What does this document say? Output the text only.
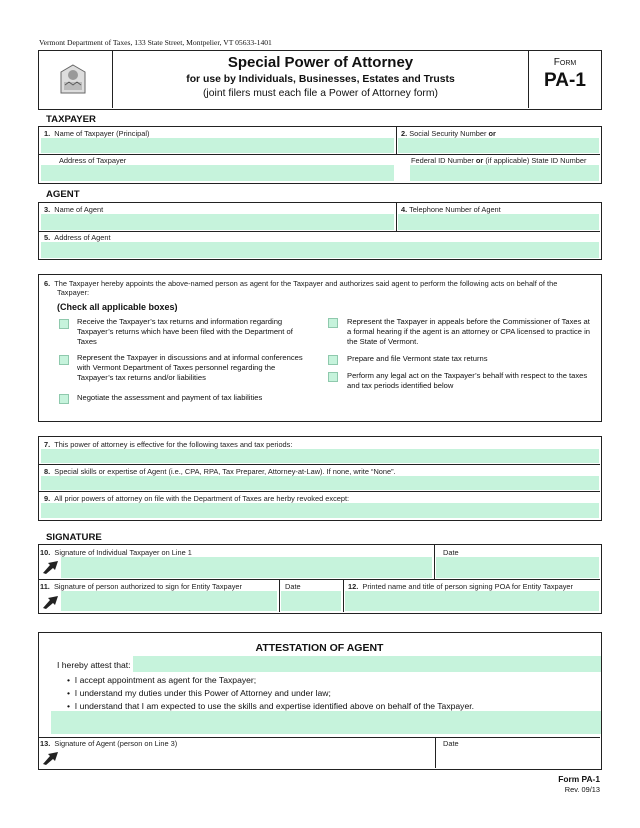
Vermont Department of Taxes, 133 State Street, Montpelier, VT 05633-1401
Special Power of Attorney
for use by Individuals, Businesses, Estates and Trusts
(joint filers must each file a Power of Attorney form)
Form
PA-1
TAXPAYER
1. Name of Taxpayer (Principal)	2. Social Security Number or
Address of Taxpayer	Federal ID Number or (if applicable) State ID Number
AGENT
3. Name of Agent	4. Telephone Number of Agent
5. Address of Agent
6. The Taxpayer hereby appoints the above-named person as agent for the Taxpayer and authorizes said agent to perform the following acts on behalf of the
Taxpayer:
(Check all applicable boxes)
Receive the Taxpayer’s tax returns and information regarding
Taxpayer’s returns which have been filed with the Department of
Taxes
Represent the Taxpayer in discussions and at informal conferences
with Vermont Department of Taxes personnel regarding the
Taxpayer’s tax returns and/or liabilities
Negotiate the assessment and payment of tax liabilities
Represent the Taxpayer in appeals before the Commissioner of Taxes at
a formal hearing if the agent is an attorney or CPA licensed to practice in
the State of Vermont.
Prepare and file Vermont state tax returns
Perform any legal act on the Taxpayer’s behalf with respect to the taxes
and tax periods identified below
7. This power of attorney is effective for the following taxes and tax periods:
8. Special skills or expertise of Agent (i.e., CPA, RPA, Tax Preparer, Attorney-at-Law). If none, write “None”.
9. All prior powers of attorney on file with the Department of Taxes are herby revoked except:
SIGNATURE
10. Signature of Individual Taxpayer on Line 1	Date
11. Signature of person authorized to sign for Entity Taxpayer	Date	12. Printed name and title of person signing POA for Entity Taxpayer
ATTESTATION OF AGENT
I hereby attest that:
•  I accept appointment as agent for the Taxpayer;
•  I understand my duties under this Power of Attorney and under law;
•  I understand that I am expected to use the skills and expertise identified above on behalf of the Taxpayer.
13. Signature of Agent (person on Line 3)	Date
Form PA-1
Rev. 09/13
